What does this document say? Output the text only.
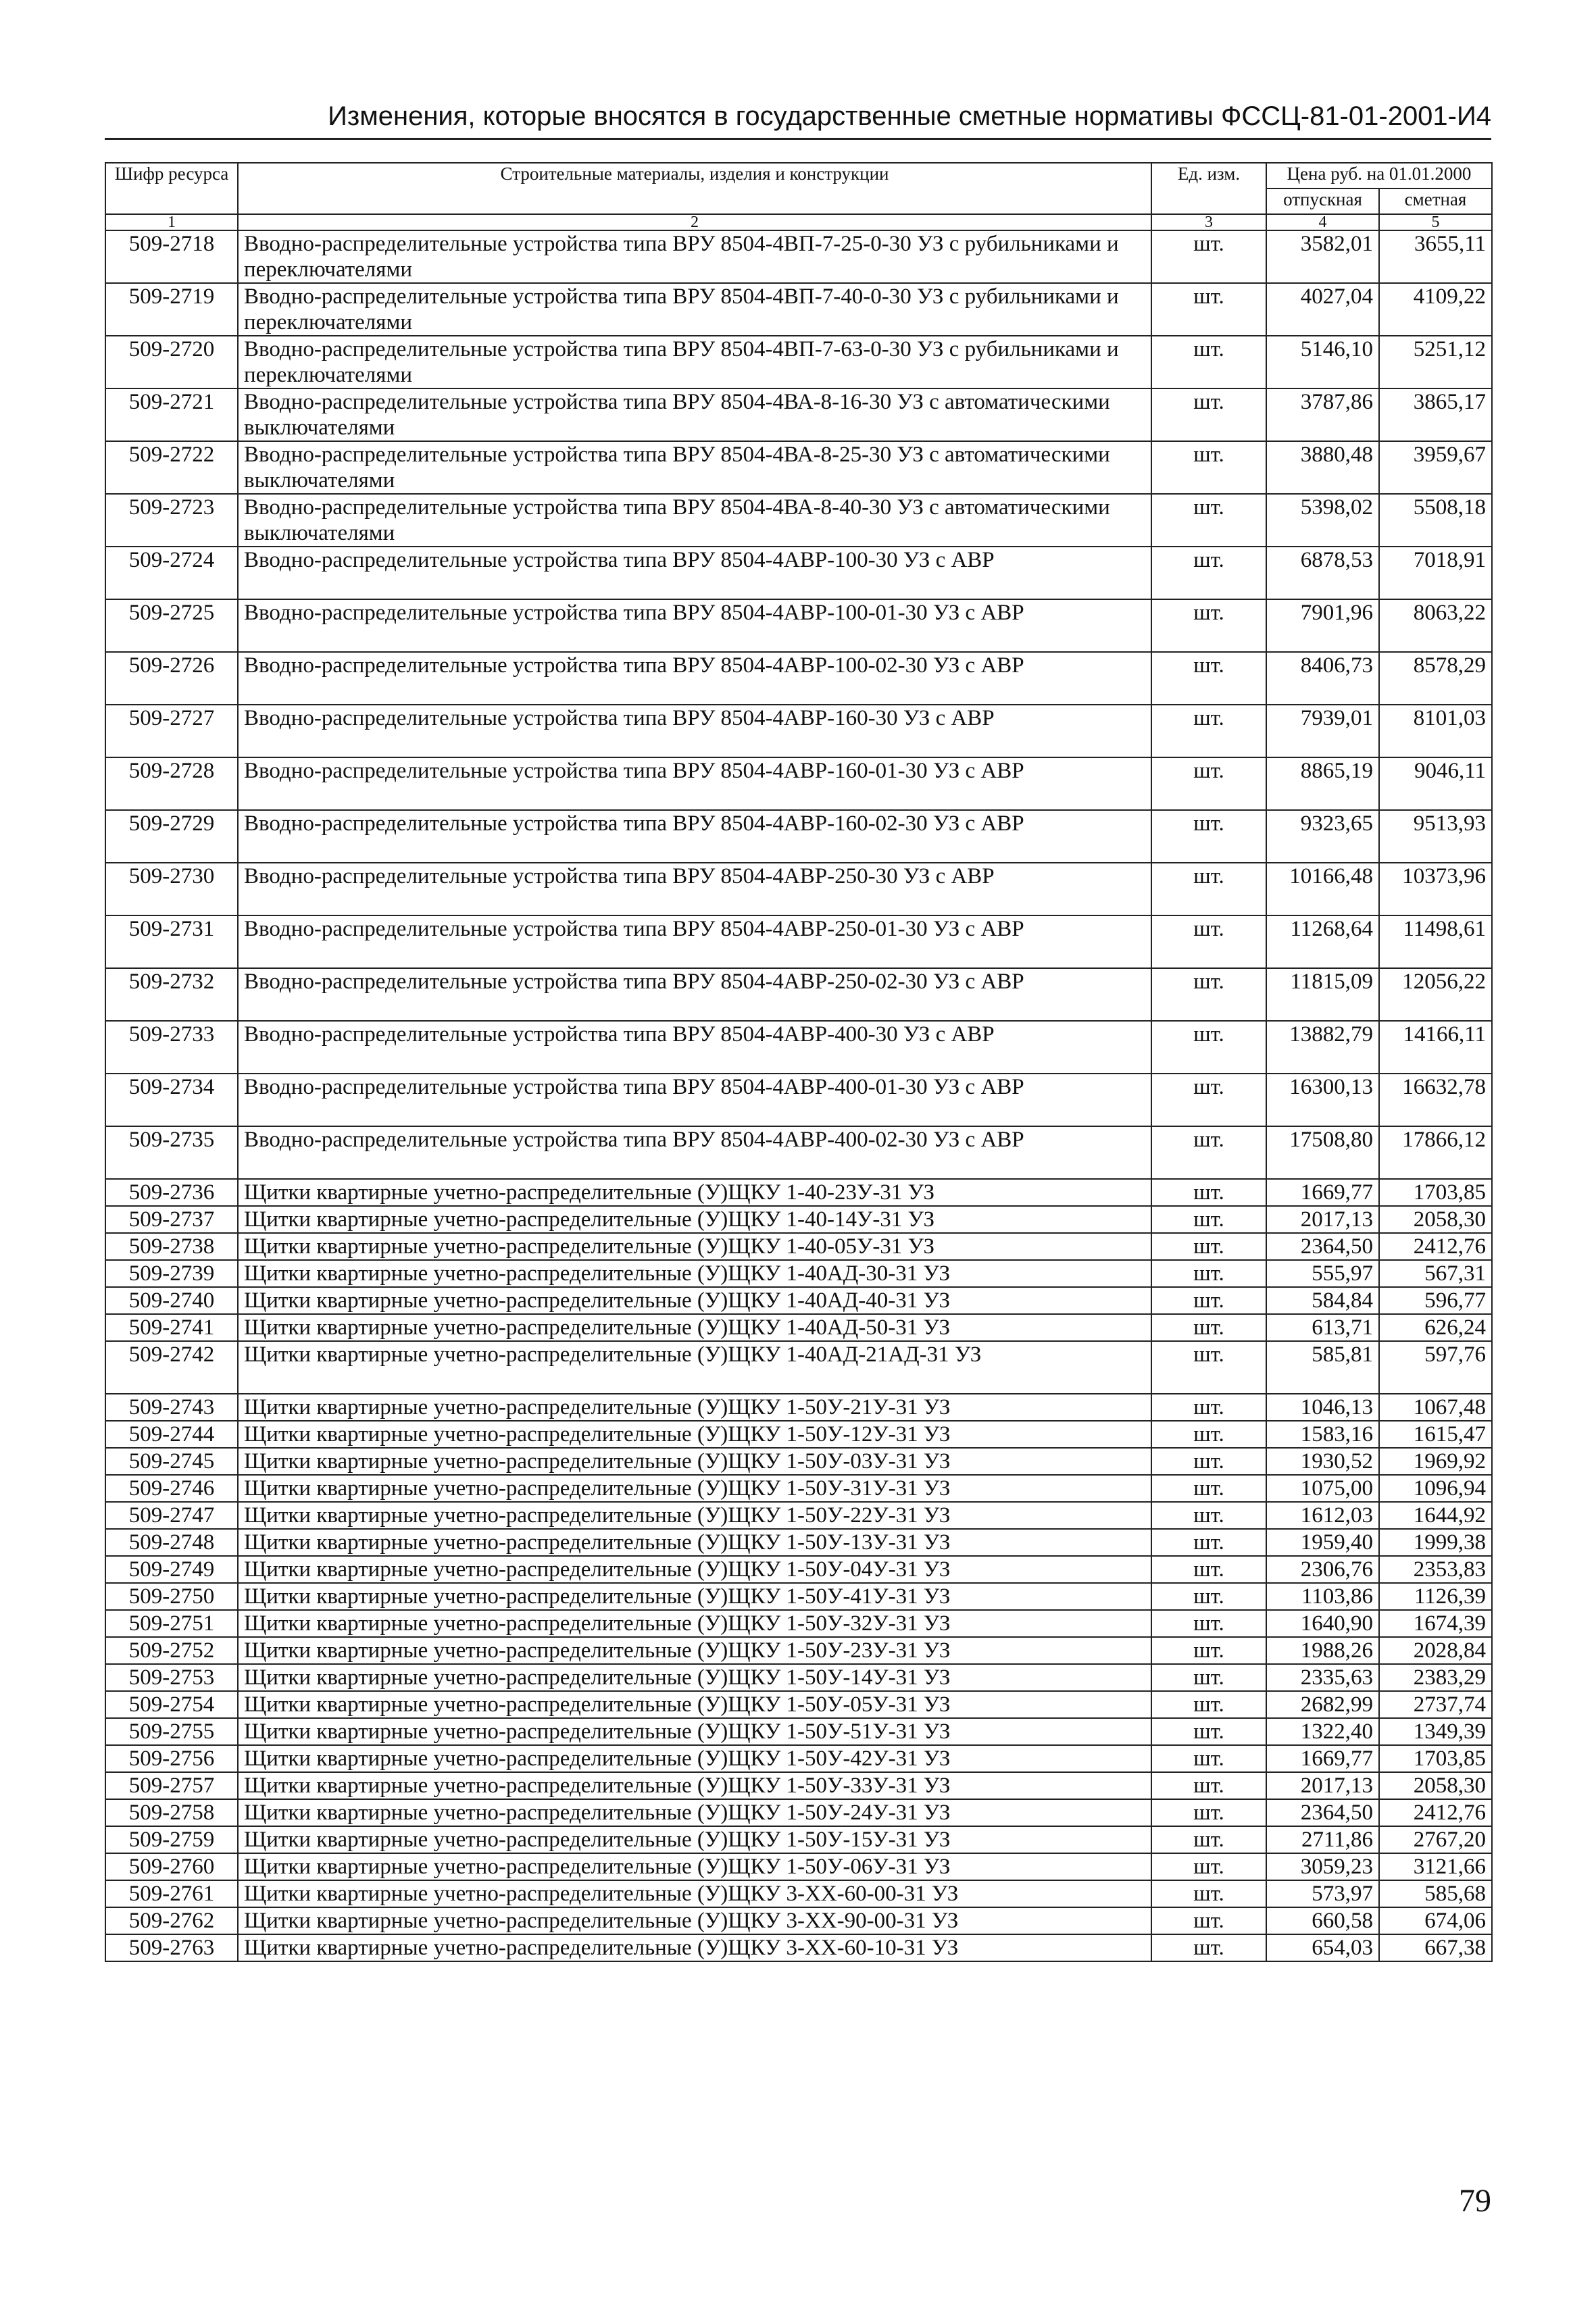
Изменения, которые вносятся в государственные сметные нормативы ФССЦ-81-01-2001-И4
Шифр ресурса	Строительные материалы, изделия и конструкции	Ед. изм.	Цена руб. на 01.01.2000	
			отпускная	сметная
1	2	3	4	5
509-2718	Вводно-распределительные устройства типа ВРУ 8504-4ВП-7-25-0-30 УЗ с рубильниками и переключателями	шт.	3582,01	3655,11
509-2719	Вводно-распределительные устройства типа ВРУ 8504-4ВП-7-40-0-30 УЗ с рубильниками и переключателями	шт.	4027,04	4109,22
509-2720	Вводно-распределительные устройства типа ВРУ 8504-4ВП-7-63-0-30 УЗ с рубильниками и переключателями	шт.	5146,10	5251,12
509-2721	Вводно-распределительные устройства типа ВРУ 8504-4ВА-8-16-30 УЗ с автоматическими выключателями	шт.	3787,86	3865,17
509-2722	Вводно-распределительные устройства типа ВРУ 8504-4ВА-8-25-30 УЗ с автоматическими выключателями	шт.	3880,48	3959,67
509-2723	Вводно-распределительные устройства типа ВРУ 8504-4ВА-8-40-30 УЗ с автоматическими выключателями	шт.	5398,02	5508,18
509-2724	Вводно-распределительные устройства типа ВРУ 8504-4АВР-100-30 УЗ с АВР	шт.	6878,53	7018,91
509-2725	Вводно-распределительные устройства типа ВРУ 8504-4АВР-100-01-30 УЗ с АВР	шт.	7901,96	8063,22
509-2726	Вводно-распределительные устройства типа ВРУ 8504-4АВР-100-02-30 УЗ с АВР	шт.	8406,73	8578,29
509-2727	Вводно-распределительные устройства типа ВРУ 8504-4АВР-160-30 УЗ с АВР	шт.	7939,01	8101,03
509-2728	Вводно-распределительные устройства типа ВРУ 8504-4АВР-160-01-30 УЗ с АВР	шт.	8865,19	9046,11
509-2729	Вводно-распределительные устройства типа ВРУ 8504-4АВР-160-02-30 УЗ с АВР	шт.	9323,65	9513,93
509-2730	Вводно-распределительные устройства типа ВРУ 8504-4АВР-250-30 УЗ с АВР	шт.	10166,48	10373,96
509-2731	Вводно-распределительные устройства типа ВРУ 8504-4АВР-250-01-30 УЗ с АВР	шт.	11268,64	11498,61
509-2732	Вводно-распределительные устройства типа ВРУ 8504-4АВР-250-02-30 УЗ с АВР	шт.	11815,09	12056,22
509-2733	Вводно-распределительные устройства типа ВРУ 8504-4АВР-400-30 УЗ с АВР	шт.	13882,79	14166,11
509-2734	Вводно-распределительные устройства типа ВРУ 8504-4АВР-400-01-30 УЗ с АВР	шт.	16300,13	16632,78
509-2735	Вводно-распределительные устройства типа ВРУ 8504-4АВР-400-02-30 УЗ с АВР	шт.	17508,80	17866,12
509-2736	Щитки квартирные учетно-распределительные (У)ЩКУ 1-40-23У-31 УЗ	шт.	1669,77	1703,85
509-2737	Щитки квартирные учетно-распределительные (У)ЩКУ 1-40-14У-31 УЗ	шт.	2017,13	2058,30
509-2738	Щитки квартирные учетно-распределительные (У)ЩКУ 1-40-05У-31 УЗ	шт.	2364,50	2412,76
509-2739	Щитки квартирные учетно-распределительные (У)ЩКУ 1-40АД-30-31 УЗ	шт.	555,97	567,31
509-2740	Щитки квартирные учетно-распределительные (У)ЩКУ 1-40АД-40-31 УЗ	шт.	584,84	596,77
509-2741	Щитки квартирные учетно-распределительные (У)ЩКУ 1-40АД-50-31 УЗ	шт.	613,71	626,24
509-2742	Щитки квартирные учетно-распределительные (У)ЩКУ 1-40АД-21АД-31 УЗ	шт.	585,81	597,76
509-2743	Щитки квартирные учетно-распределительные (У)ЩКУ 1-50У-21У-31 УЗ	шт.	1046,13	1067,48
509-2744	Щитки квартирные учетно-распределительные (У)ЩКУ 1-50У-12У-31 УЗ	шт.	1583,16	1615,47
509-2745	Щитки квартирные учетно-распределительные (У)ЩКУ 1-50У-03У-31 УЗ	шт.	1930,52	1969,92
509-2746	Щитки квартирные учетно-распределительные (У)ЩКУ 1-50У-31У-31 УЗ	шт.	1075,00	1096,94
509-2747	Щитки квартирные учетно-распределительные (У)ЩКУ 1-50У-22У-31 УЗ	шт.	1612,03	1644,92
509-2748	Щитки квартирные учетно-распределительные (У)ЩКУ 1-50У-13У-31 УЗ	шт.	1959,40	1999,38
509-2749	Щитки квартирные учетно-распределительные (У)ЩКУ 1-50У-04У-31 УЗ	шт.	2306,76	2353,83
509-2750	Щитки квартирные учетно-распределительные (У)ЩКУ 1-50У-41У-31 УЗ	шт.	1103,86	1126,39
509-2751	Щитки квартирные учетно-распределительные (У)ЩКУ 1-50У-32У-31 УЗ	шт.	1640,90	1674,39
509-2752	Щитки квартирные учетно-распределительные (У)ЩКУ 1-50У-23У-31 УЗ	шт.	1988,26	2028,84
509-2753	Щитки квартирные учетно-распределительные (У)ЩКУ 1-50У-14У-31 УЗ	шт.	2335,63	2383,29
509-2754	Щитки квартирные учетно-распределительные (У)ЩКУ 1-50У-05У-31 УЗ	шт.	2682,99	2737,74
509-2755	Щитки квартирные учетно-распределительные (У)ЩКУ 1-50У-51У-31 УЗ	шт.	1322,40	1349,39
509-2756	Щитки квартирные учетно-распределительные (У)ЩКУ 1-50У-42У-31 УЗ	шт.	1669,77	1703,85
509-2757	Щитки квартирные учетно-распределительные (У)ЩКУ 1-50У-33У-31 УЗ	шт.	2017,13	2058,30
509-2758	Щитки квартирные учетно-распределительные (У)ЩКУ 1-50У-24У-31 УЗ	шт.	2364,50	2412,76
509-2759	Щитки квартирные учетно-распределительные (У)ЩКУ 1-50У-15У-31 УЗ	шт.	2711,86	2767,20
509-2760	Щитки квартирные учетно-распределительные (У)ЩКУ 1-50У-06У-31 УЗ	шт.	3059,23	3121,66
509-2761	Щитки квартирные учетно-распределительные (У)ЩКУ 3-ХХ-60-00-31 УЗ	шт.	573,97	585,68
509-2762	Щитки квартирные учетно-распределительные (У)ЩКУ 3-ХХ-90-00-31 УЗ	шт.	660,58	674,06
509-2763	Щитки квартирные учетно-распределительные (У)ЩКУ 3-ХХ-60-10-31 УЗ	шт.	654,03	667,38
79
